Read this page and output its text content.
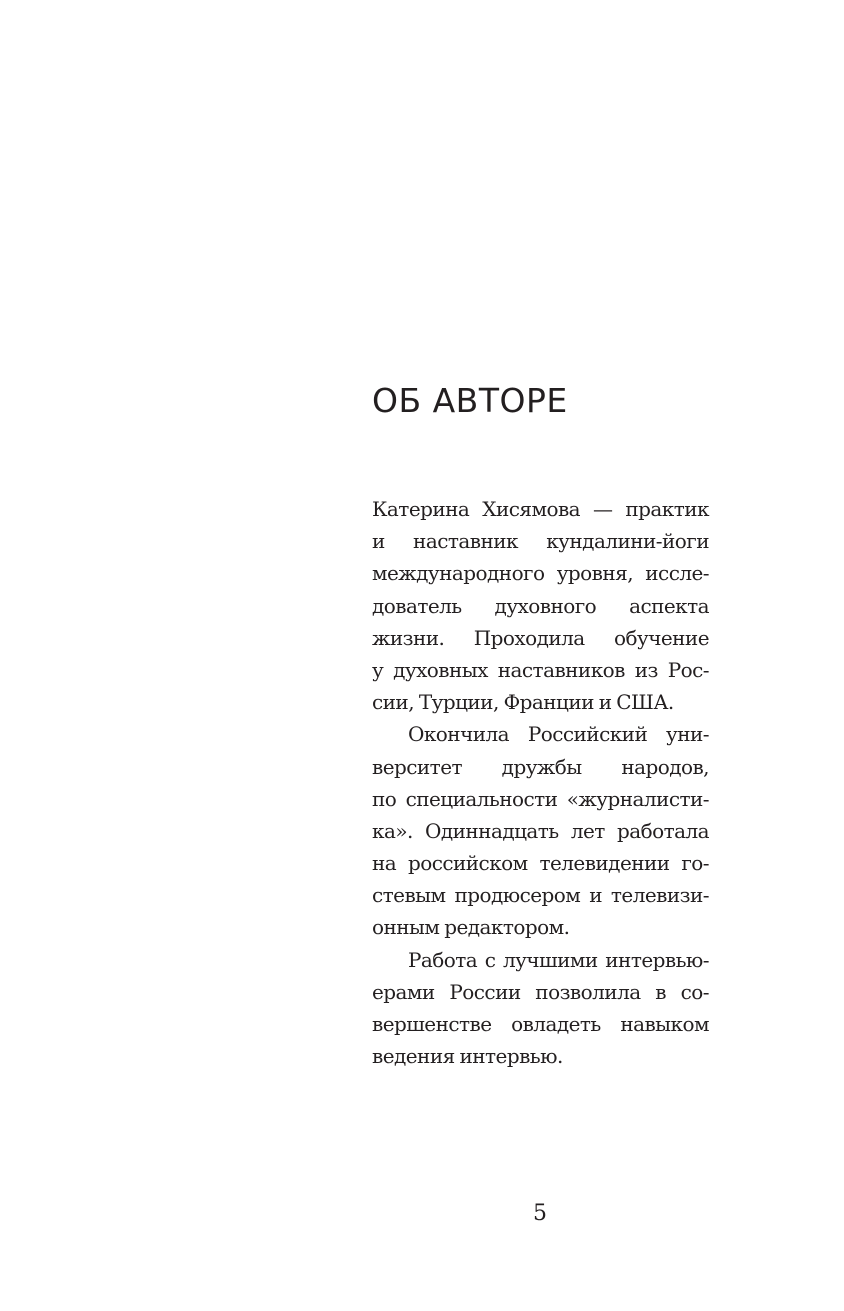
ОБ АВТОРЕ
Катерина Хисямова — практик
и наставник кундалини-йоги
международного уровня, иссле-
дователь духовного аспекта
жизни. Проходила обучение
у духовных наставников из Рос-
сии, Турции, Франции и США.
Окончила Российский уни-
верситет дружбы народов,
по специальности «журналисти-
ка». Одиннадцать лет работала
на российском телевидении го-
стевым продюсером и телевизи-
онным редактором.
Работа с лучшими интервью-
ерами России позволила в со-
вершенстве овладеть навыком
ведения интервью.
5
